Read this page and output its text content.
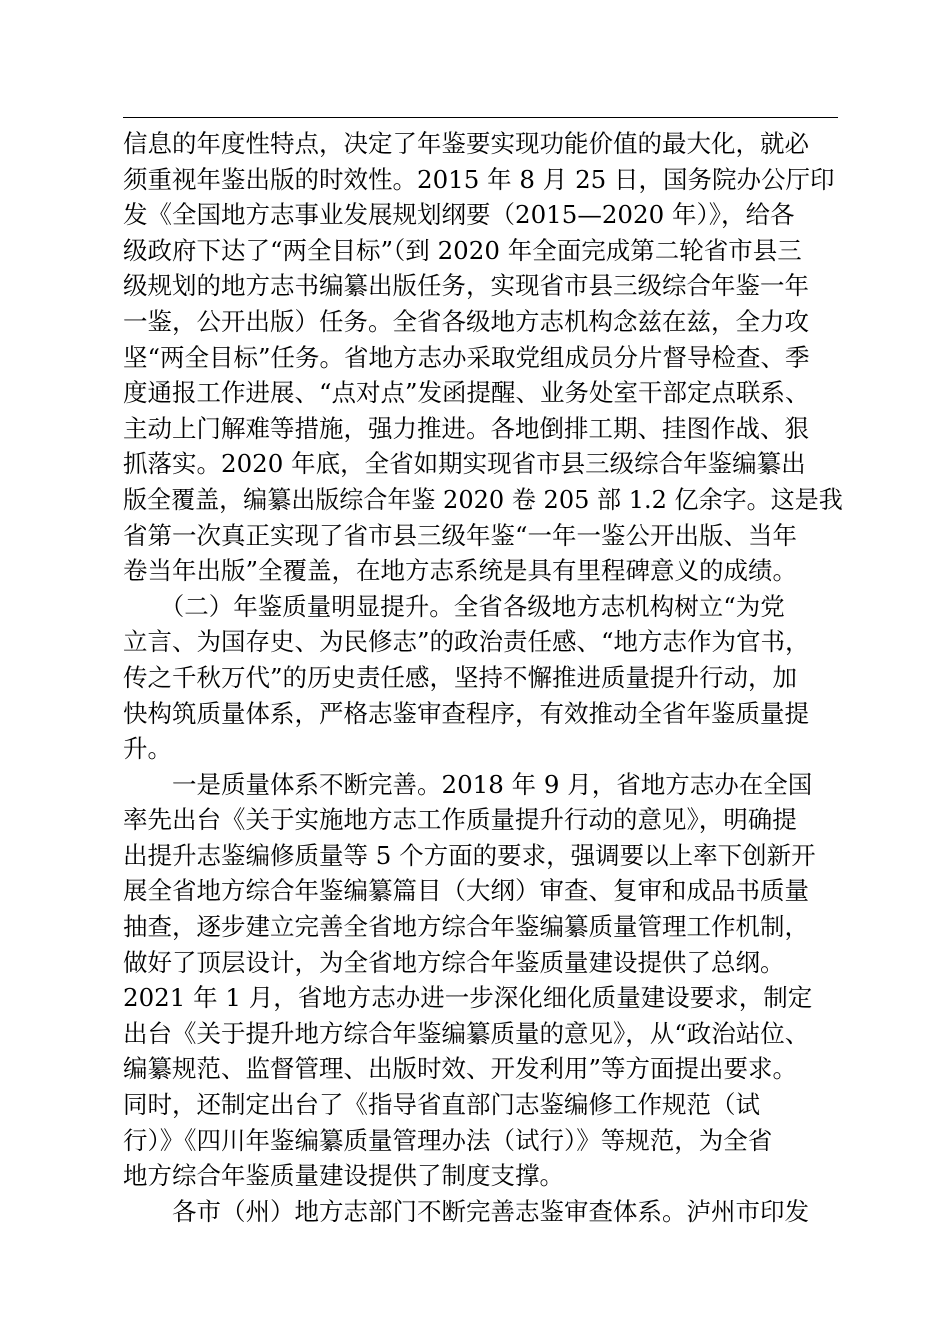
信息的年度性特点，决定了年鉴要实现功能价值的最大化，就必
须重视年鉴出版的时效性。2015 年 8 月 25 日，国务院办公厅印
发《全国地方志事业发展规划纲要（2015—2020 年）》，给各
级政府下达了“两全目标”（到 2020 年全面完成第二轮省市县三
级规划的地方志书编纂出版任务，实现省市县三级综合年鉴一年
一鉴，公开出版）任务。全省各级地方志机构念兹在兹，全力攻
坚“两全目标”任务。省地方志办采取党组成员分片督导检查、季
度通报工作进展、“点对点”发函提醒、业务处室干部定点联系、
主动上门解难等措施，强力推进。各地倒排工期、挂图作战、狠
抓落实。2020 年底，全省如期实现省市县三级综合年鉴编纂出
版全覆盖，编纂出版综合年鉴 2020 卷 205 部 1.2 亿余字。这是我
省第一次真正实现了省市县三级年鉴“一年一鉴公开出版、当年
卷当年出版”全覆盖，在地方志系统是具有里程碑意义的成绩。
　　（二）年鉴质量明显提升。全省各级地方志机构树立“为党
立言、为国存史、为民修志”的政治责任感、“地方志作为官书，
传之千秋万代”的历史责任感，坚持不懈推进质量提升行动，加
快构筑质量体系，严格志鉴审查程序，有效推动全省年鉴质量提
升。
　　一是质量体系不断完善。2018 年 9 月，省地方志办在全国
率先出台《关于实施地方志工作质量提升行动的意见》，明确提
出提升志鉴编修质量等 5 个方面的要求，强调要以上率下创新开
展全省地方综合年鉴编纂篇目（大纲）审查、复审和成品书质量
抽查，逐步建立完善全省地方综合年鉴编纂质量管理工作机制，
做好了顶层设计，为全省地方综合年鉴质量建设提供了总纲。
2021 年 1 月，省地方志办进一步深化细化质量建设要求，制定
出台《关于提升地方综合年鉴编纂质量的意见》，从“政治站位、
编纂规范、监督管理、出版时效、开发利用”等方面提出要求。
同时，还制定出台了《指导省直部门志鉴编修工作规范（试
行）》《四川年鉴编纂质量管理办法（试行）》等规范，为全省
地方综合年鉴质量建设提供了制度支撑。
　　各市（州）地方志部门不断完善志鉴审查体系。泸州市印发
